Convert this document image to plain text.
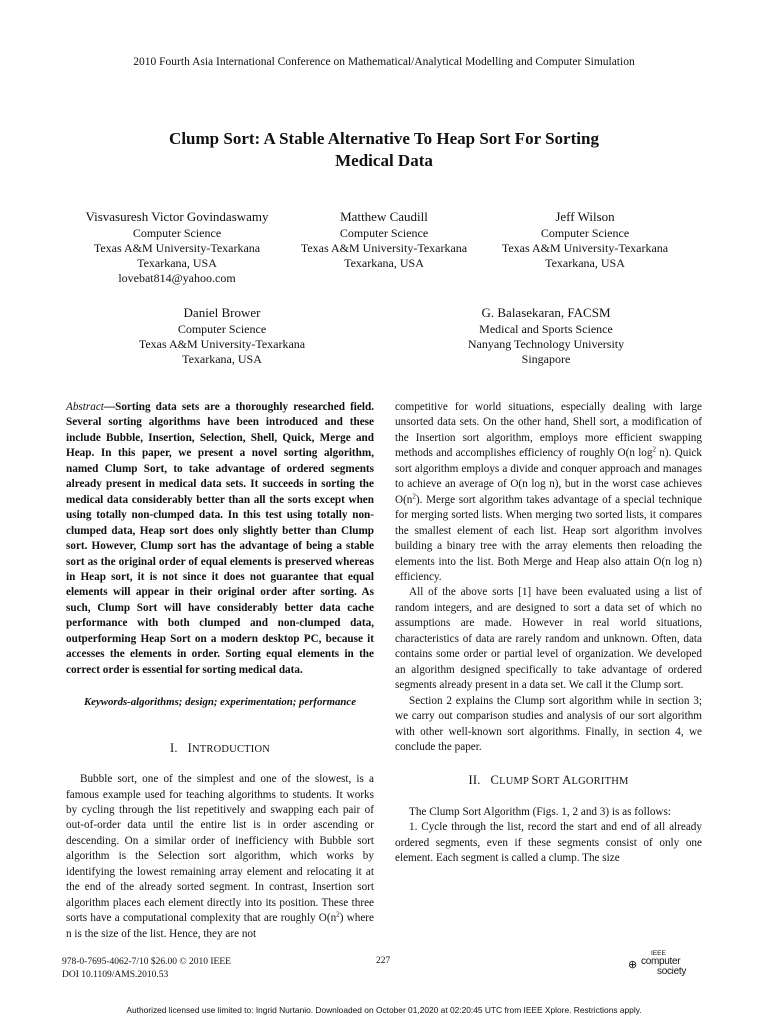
2010 Fourth Asia International Conference on Mathematical/Analytical Modelling and Computer Simulation
Clump Sort: A Stable Alternative To Heap Sort For Sorting
Medical Data
Visvasuresh Victor Govindaswamy
Computer Science
Texas A&M University-Texarkana
Texarkana, USA
lovebat814@yahoo.com
Matthew Caudill
Computer Science
Texas A&M University-Texarkana
Texarkana, USA
Jeff Wilson
Computer Science
Texas A&M University-Texarkana
Texarkana, USA
Daniel Brower
Computer Science
Texas A&M University-Texarkana
Texarkana, USA
G. Balasekaran, FACSM
Medical and Sports Science
Nanyang Technology University
Singapore

Abstract—Sorting data sets are a thoroughly researched field. Several sorting algorithms have been introduced and these include Bubble, Insertion, Selection, Shell, Quick, Merge and Heap. In this paper, we present a novel sorting algorithm, named Clump Sort, to take advantage of ordered segments already present in medical data sets. It succeeds in sorting the medical data considerably better than all the sorts except when using totally non-clumped data. In this test using totally non-clumped data, Heap sort does only slightly better than Clump sort. However, Clump sort has the advantage of being a stable sort as the original order of equal elements is preserved whereas in Heap sort, it is not since it does not guarantee that equal elements will appear in their original order after sorting. As such, Clump Sort will have considerably better data cache performance with both clumped and non-clumped data, outperforming Heap Sort on a modern desktop PC, because it accesses the elements in order. Sorting equal elements in the correct order is essential for sorting medical data.

Keywords-algorithms; design; experimentation; performance

I. INTRODUCTION

Bubble sort, one of the simplest and one of the slowest, is a famous example used for teaching algorithms to students. It works by cycling through the list repetitively and swapping each pair of out-of-order data until the entire list is in order ascending or descending. On a similar order of inefficiency with Bubble sort algorithm is the Selection sort algorithm, which works by identifying the lowest remaining array element and relocating it at the end of the already sorted segment. In contrast, Insertion sort algorithm places each element directly into its position. These three sorts have a computational complexity that are roughly $O(n^2)$ where n is the size of the list. Hence, they are not

competitive for world situations, especially dealing with large unsorted data sets. On the other hand, Shell sort, a modification of the Insertion sort algorithm, employs more efficient swapping methods and accomplishes efficiency of roughly O(n $\log^2 n$). Quick sort algorithm employs a divide and conquer approach and manages to achieve an average of O(n log n), but in the worst case achieves $O(n^2)$. Merge sort algorithm takes advantage of a special technique for merging sorted lists. When merging two sorted lists, it compares the smallest element of each list. Heap sort algorithm involves building a binary tree with the array elements then reloading the elements into the list. Both Merge and Heap also attain O(n log n) efficiency.

All of the above sorts [1] have been evaluated using a list of random integers, and are designed to sort a data set of which no assumptions are made. However in real world situations, characteristics of data are rarely random and unknown. Often, data contains some order or partial level of organization. We developed an algorithm designed specifically to take advantage of ordered segments already present in a data set. We call it the Clump sort.

Section 2 explains the Clump sort algorithm while in section 3; we carry out comparison studies and analysis of our sort algorithm with other well-known sort algorithms. Finally, in section 4, we conclude the paper.

II. CLUMP SORT ALGORITHM

The Clump Sort Algorithm (Figs. 1, 2 and 3) is as follows:

1. Cycle through the list, record the start and end of all already ordered segments, even if these segments consist of only one element. Each segment is called a clump. The size

978-0-7695-4062-7/10 $26.00 © 2010 IEEE
DOI 10.1109/AMS.2010.53
227	⊕
IEEE
computer
society
Authorized licensed use limited to: Ingrid Nurtanio. Downloaded on October 01,2020 at 02:20:45 UTC from IEEE Xplore. Restrictions apply.
